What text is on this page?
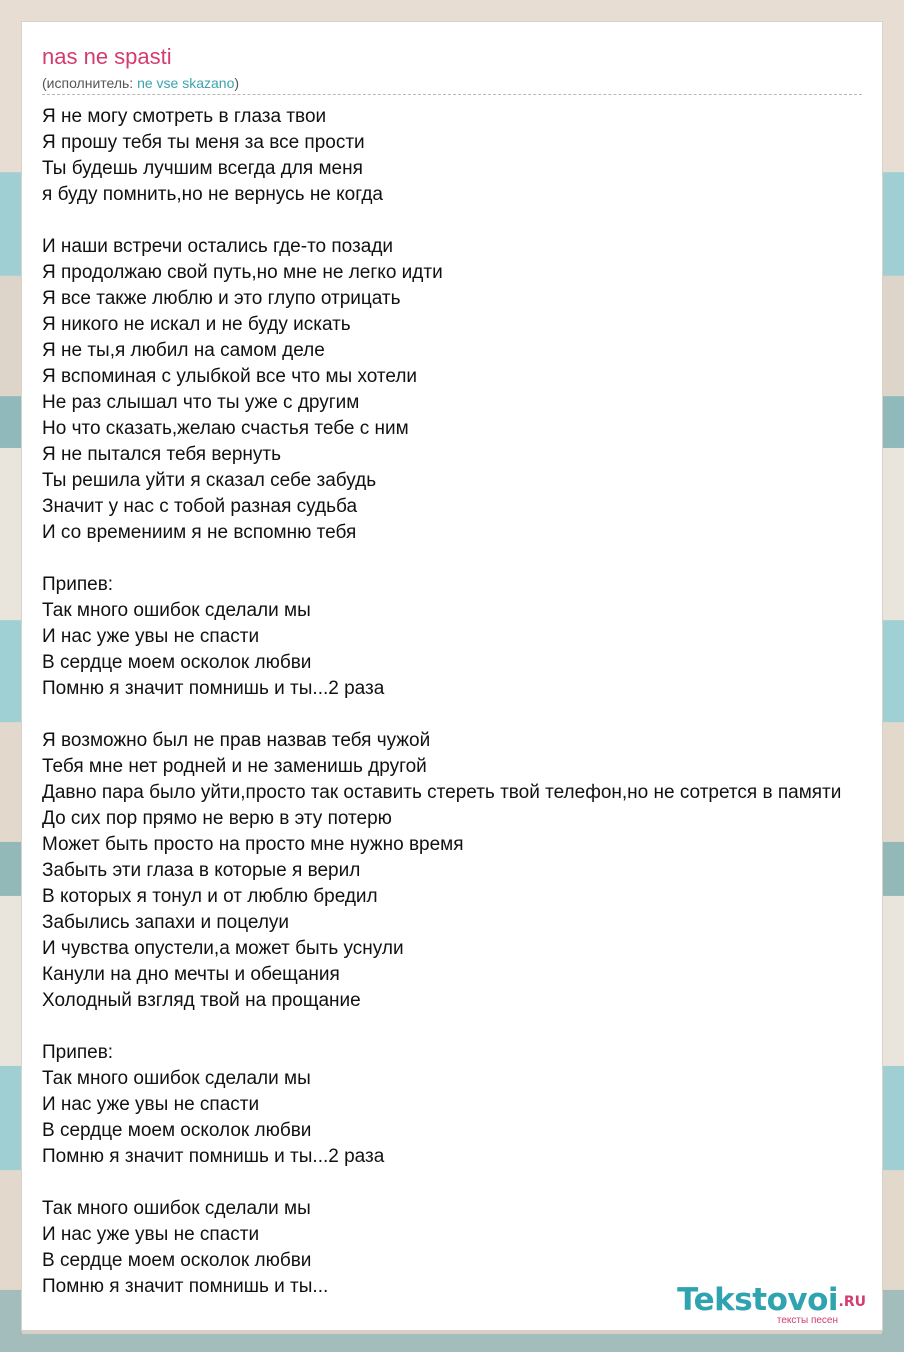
nas ne spasti
(исполнитель: ne vse skazano)
Я не могу смотреть в глаза твои
Я прошу тебя ты меня за все прости
Ты будешь лучшим всегда для меня
я буду помнить,но не вернусь не когда
И наши встречи остались где-то позади
Я продолжаю свой путь,но мне не легко идти
Я все также люблю и это глупо отрицать
Я никого не искал и не буду искать
Я не ты,я любил на самом деле
Я вспоминая с улыбкой все что мы хотели
Не раз слышал что ты уже с другим
Но что сказать,желаю счастья тебе с ним
Я не пытался тебя вернуть
Ты решила уйти я сказал себе забудь
Значит у нас с тобой разная судьба
И со времениим я не вспомню тебя
Припев:
Так много ошибок сделали мы
И нас уже увы не спасти
В сердце моем осколок любви
Помню я значит помнишь и ты...2 раза
Я возможно был не прав назвав тебя чужой
Тебя мне нет родней и не заменишь другой
Давно пара было уйти,просто так оставить стереть твой телефон,но не сотрется в памяти
До сих пор прямо не верю в эту потерю
Может быть просто на просто мне нужно время
Забыть эти глаза в которые я верил
В которых я тонул и от люблю бредил
Забылись запахи и поцелуи
И чувства опустели,а может быть уснули
Канули на дно мечты и обещания
Холодный взгляд твой на прощание
Припев:
Так много ошибок сделали мы
И нас уже увы не спасти
В сердце моем осколок любви
Помню я значит помнишь и ты...2 раза
Так много ошибок сделали мы
И нас уже увы не спасти
В сердце моем осколок любви
Помню я значит помнишь и ты...	Tekstovoi .RU
тексты песен
